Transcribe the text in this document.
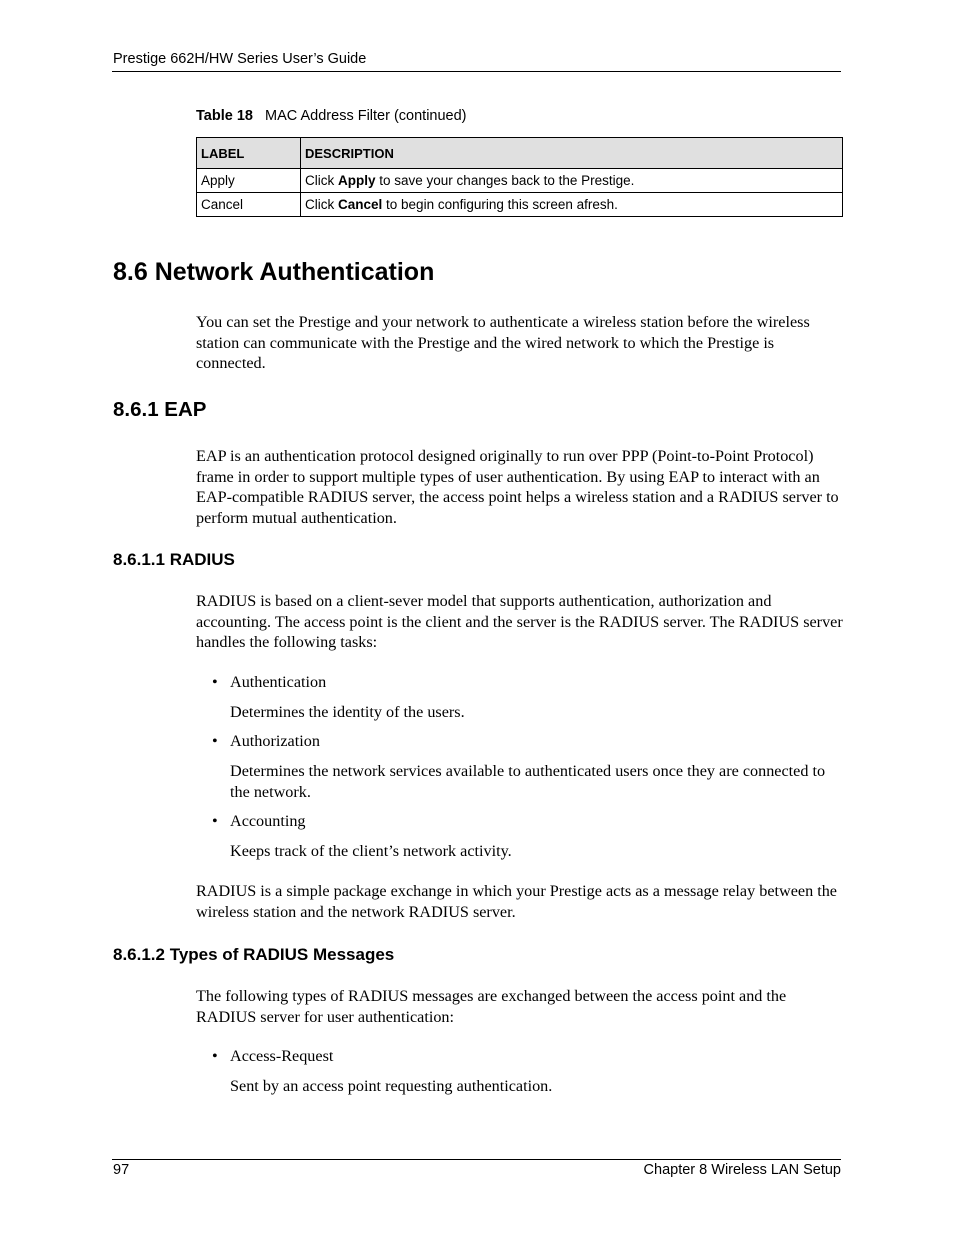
Prestige 662H/HW Series User’s Guide
Table 18 MAC Address Filter (continued)
LABEL	DESCRIPTION
Apply	Click Apply to save your changes back to the Prestige.
Cancel	Click Cancel to begin configuring this screen afresh.
8.6 Network Authentication

You can set the Prestige and your network to authenticate a wireless station before the wireless station can communicate with the Prestige and the wired network to which the Prestige is connected.

8.6.1 EAP

EAP is an authentication protocol designed originally to run over PPP (Point-to-Point Protocol) frame in order to support multiple types of user authentication. By using EAP to interact with an EAP-compatible RADIUS server, the access point helps a wireless station and a RADIUS server to perform mutual authentication.

8.6.1.1 RADIUS

RADIUS is based on a client-sever model that supports authentication, authorization and accounting. The access point is the client and the server is the RADIUS server. The RADIUS server handles the following tasks:

• Authentication

Determines the identity of the users.

• Authorization

Determines the network services available to authenticated users once they are connected to the network.

• Accounting

Keeps track of the client’s network activity.

RADIUS is a simple package exchange in which your Prestige acts as a message relay between the wireless station and the network RADIUS server.

8.6.1.2 Types of RADIUS Messages

The following types of RADIUS messages are exchanged between the access point and the RADIUS server for user authentication:

• Access-Request

Sent by an access point requesting authentication.

97	Chapter 8 Wireless LAN Setup
